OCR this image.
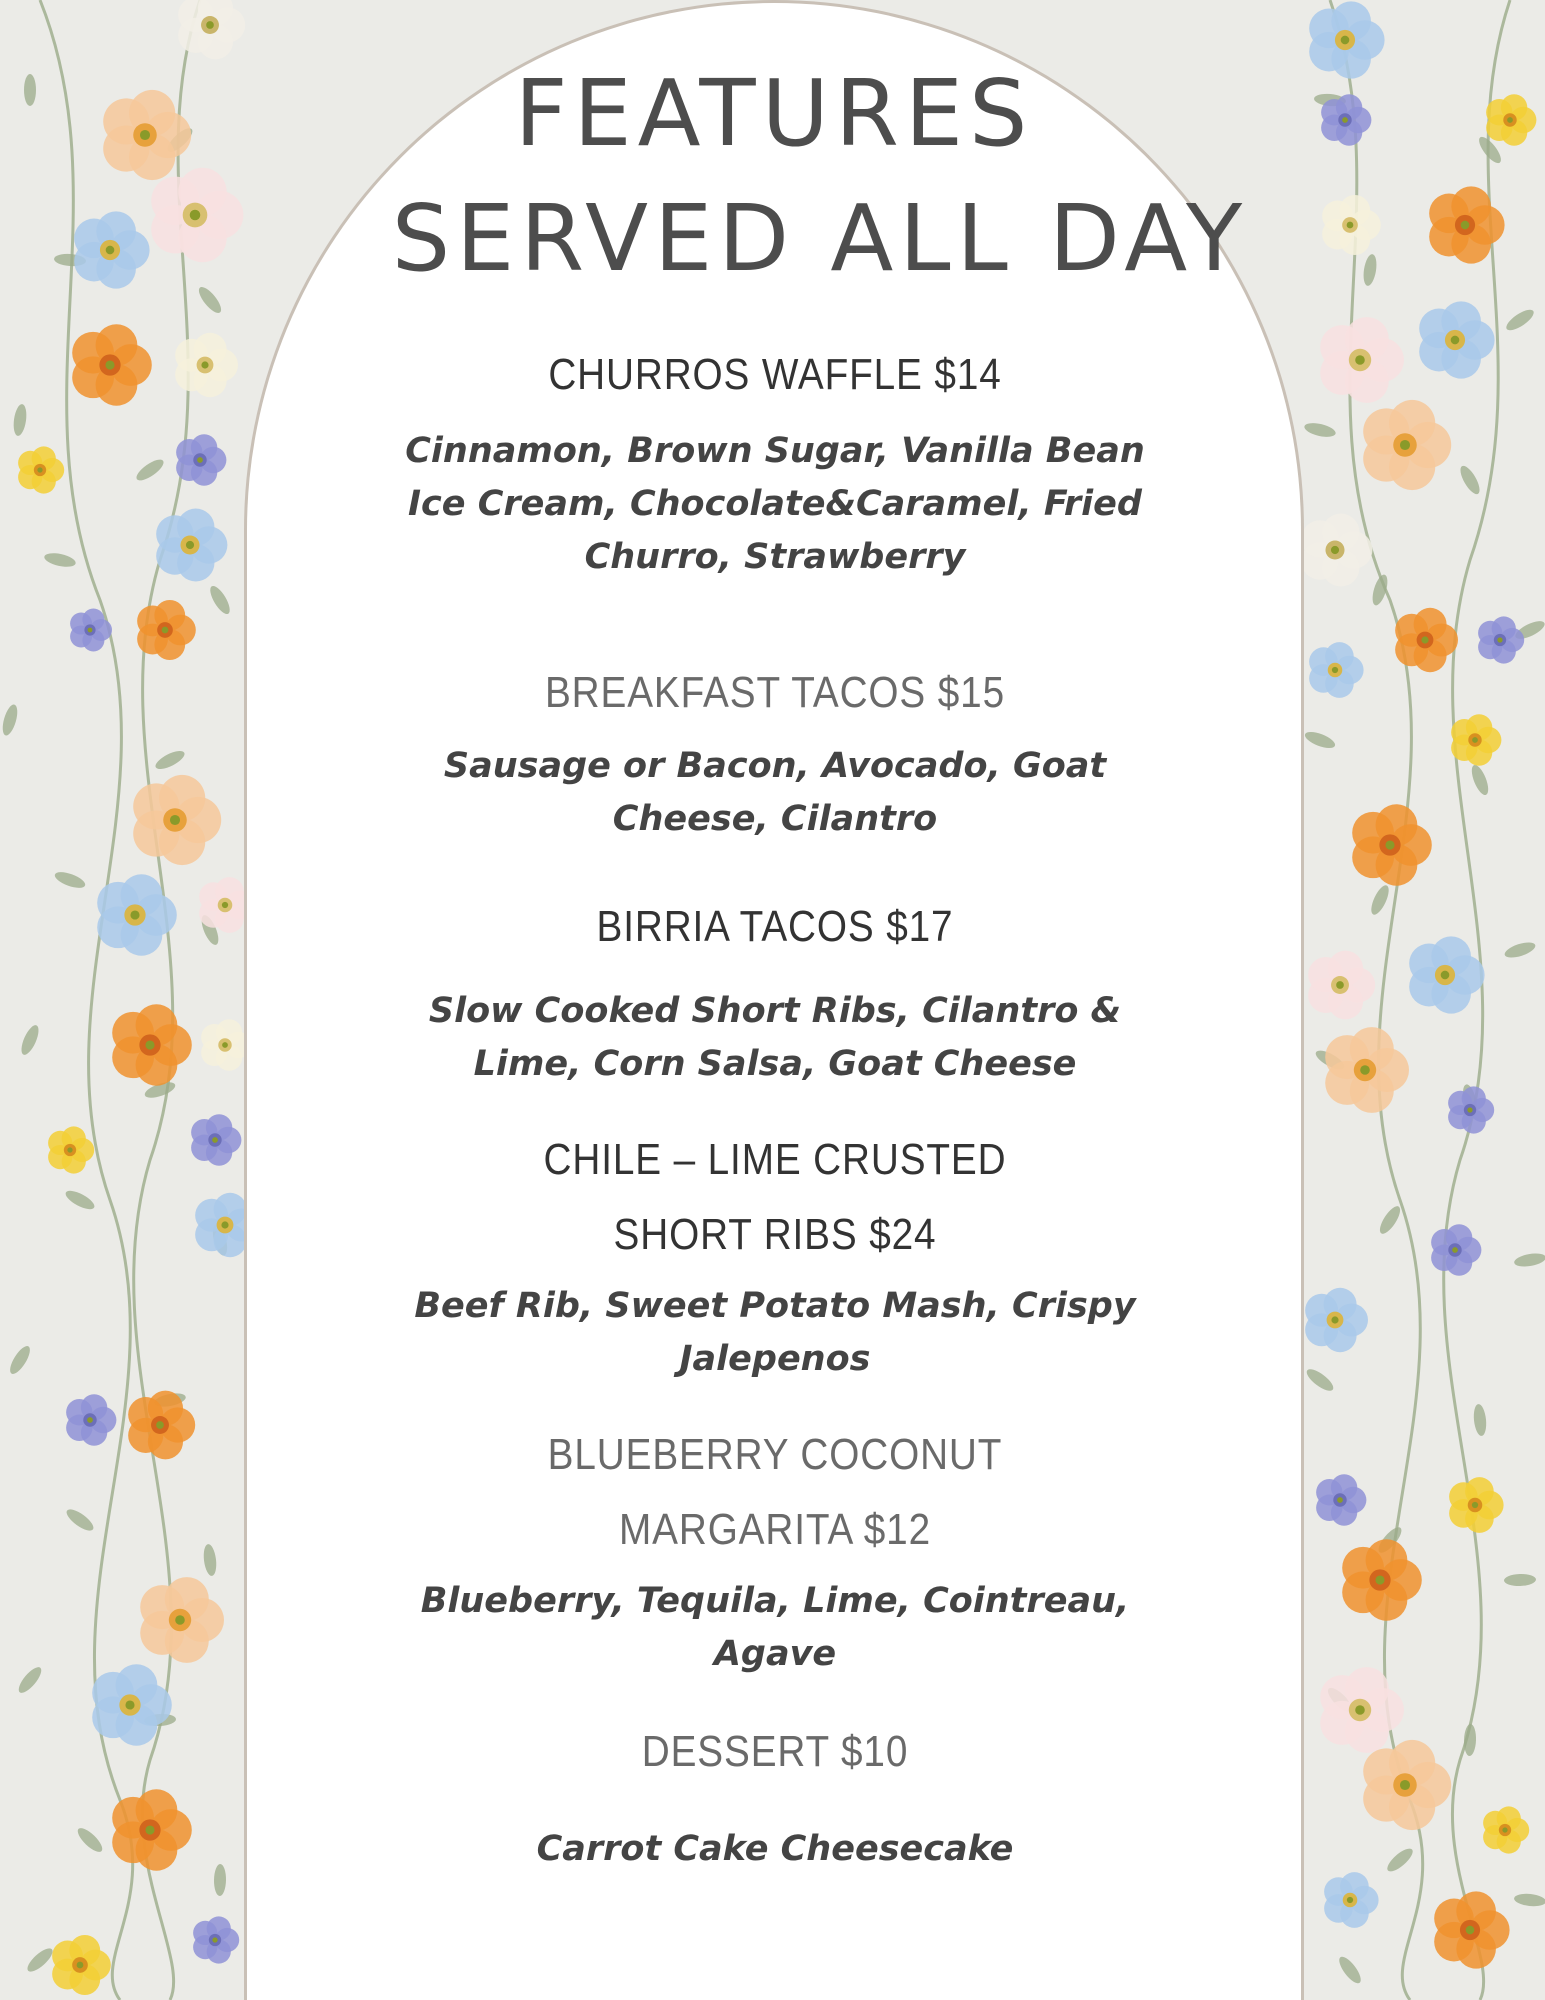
FEATURES
SERVED ALL DAY
CHURROS WAFFLE $14
Cinnamon, Brown Sugar, Vanilla Bean Ice Cream, Chocolate&Caramel, Fried Churro, Strawberry
BREAKFAST TACOS $15
Sausage or Bacon, Avocado, Goat Cheese, Cilantro
BIRRIA TACOS $17
Slow Cooked Short Ribs, Cilantro & Lime, Corn Salsa, Goat Cheese
CHILE – LIME CRUSTED
SHORT RIBS $24
Beef Rib, Sweet Potato Mash, Crispy Jalepenos
BLUEBERRY COCONUT
MARGARITA $12
Blueberry, Tequila, Lime, Cointreau, Agave
DESSERT $10
Carrot Cake Cheesecake
